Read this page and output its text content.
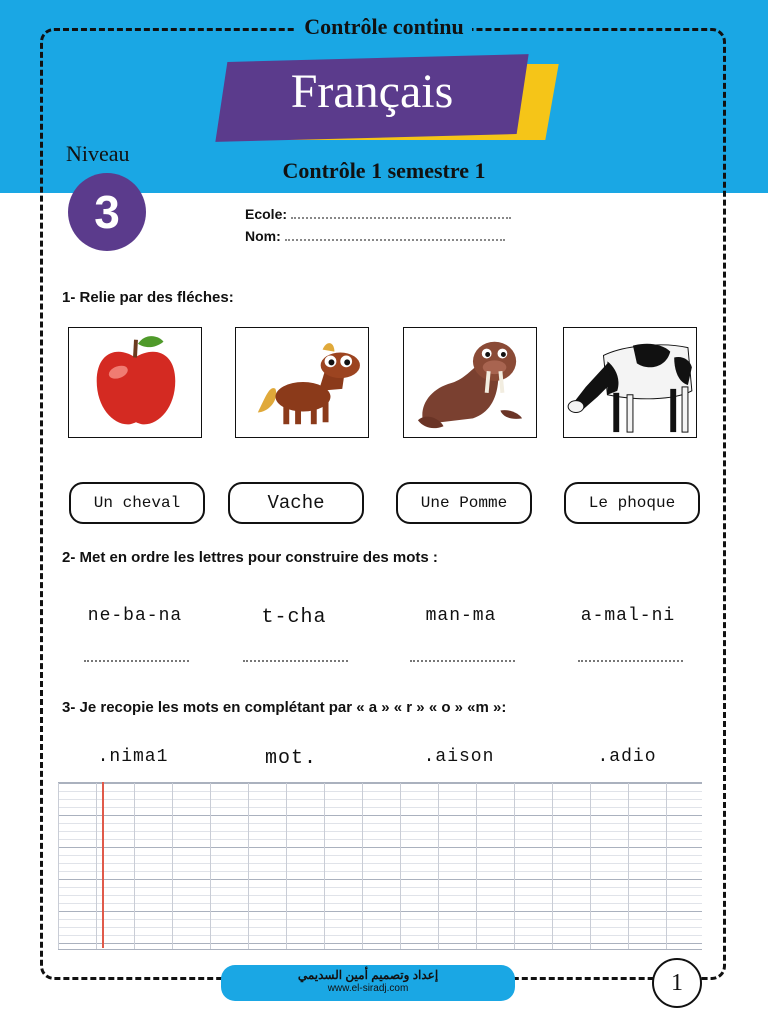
Contrôle continu
Français
Niveau
3
Contrôle 1 semestre 1
Ecole:
Nom:
1- Relie par des fléches:
Un cheval	Vache	Une Pomme	Le phoque
2- Met en ordre les lettres pour construire des mots :
ne-ba-na	t-cha	man-ma	a-mal-ni
3- Je recopie les mots en complétant par « a » « r » « o » «m »:
.nima1	mot.	.aison	.adio
إعداد وتصميم أمين السديمي
www.el-siradj.com	1
